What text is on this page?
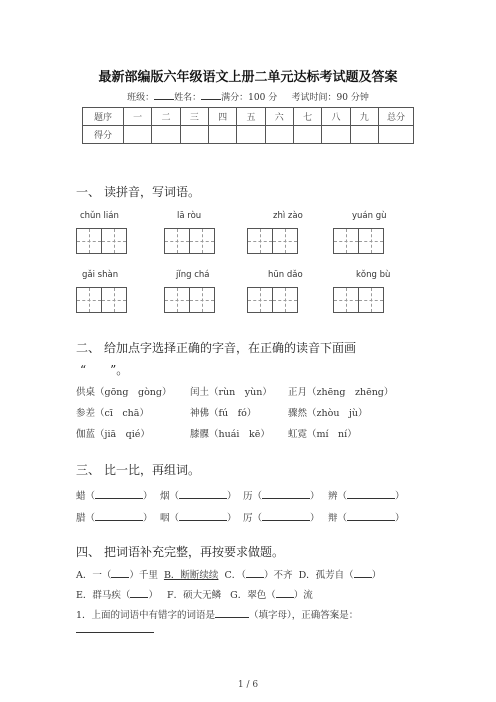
最新部编版六年级语文上册二单元达标考试题及答案
班级： 姓名： 满分：100 分 考试时间：90 分钟
题序	一	二	三	四	五	六	七	八	九	总分
得分										
一、 读拼音，写词语。
chǔn lián	lā ròu	zhì zào	yuán gù
gǎi shàn	jǐng chá	hūn dǎo	kǒng bù
二、 给加点字选择正确的字音，在正确的读音下面画
“　　”。
供桌（gōng　gòng） 闰土（rùn　yùn） 正月（zhēng　zhēng）
参差（cī　chā）	神佛（fú　fó）	骤然（zhòu　jù）
伽蓝（jiā　qié）	膝髁（huái　kē） 虹霓（mí　ní）
三、 比一比，再组词。
蜡（	） 烟（	） 历（	） 辨（	）
腊（	） 咽（	） 厉（	） 辩（	）
四、 把词语补充完整，再按要求做题。
A．一（ ）千里 B．断断续续 C．（ ）不齐 D．孤芳自（ ）
E．群马疾（ ） F．硕大无鳞 G．翠色（ ）流
1．上面的词语中有错字的词语是	（填字母），正确答案是：
1 / 6
